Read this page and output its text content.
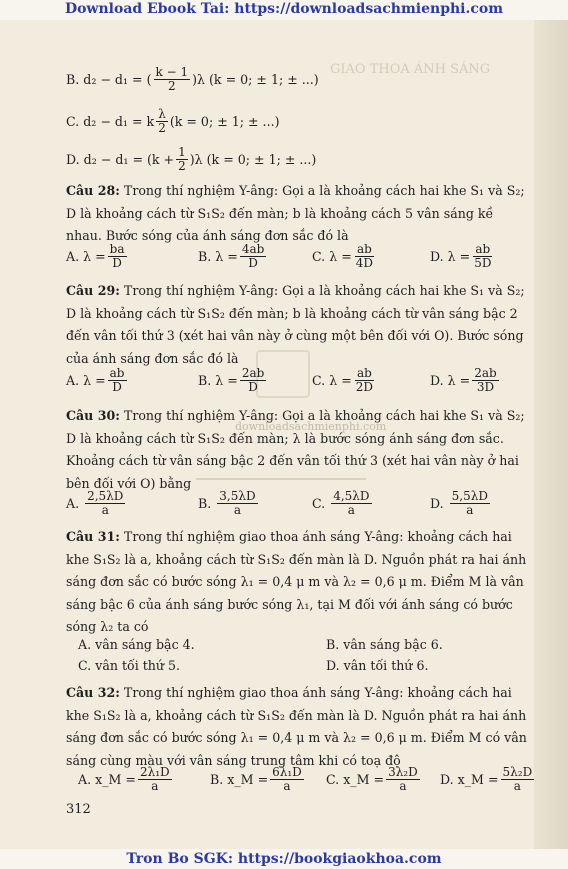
GIAO THOA ÁNH SÁNG
Download Ebook Tai: https://downloadsachmienphi.com
B. d₂ − d₁ = ( $\frac{k - 1}{2} )\lambda$ (k = 0; ± 1; ± ...)
C. d₂ − d₁ = k $\frac{\lambda}{2} (k = 0$; ± 1; ± ...)
D. $d_2 - d_1 = (k + \frac{1}{2} )\lambda$ (k = 0; ± 1; ± ...)
Câu 28: Trong thí nghiệm Y-âng: Gọi a là khoảng cách hai khe S₁ và S₂; D là khoảng cách từ S₁S₂ đến màn; b là khoảng cách 5 vân sáng kề nhau. Bước sóng của ánh sáng đơn sắc đó là
A. $\lambda = \frac{ba}{D}$	B. $\lambda = \frac{4ab}{D}$	C. $\lambda = \frac{ab}{4D}$	D. $\lambda = \frac{ab}{5D}$
Câu 29: Trong thí nghiệm Y-âng: Gọi a là khoảng cách hai khe S₁ và S₂; D là khoảng cách từ S₁S₂ đến màn; b là khoảng cách từ vân sáng bậc 2 đến vân tối thứ 3 (xét hai vân này ở cùng một bên đối với O). Bước sóng của ánh sáng đơn sắc đó là
A. $\lambda = \frac{ab}{D}$	B. $\lambda = \frac{2ab}{D}$	C. $\lambda = \frac{ab}{2D}$	D. $\lambda = \frac{2ab}{3D}$
Câu 30: Trong thí nghiệm Y-âng: Gọi a là khoảng cách hai khe S₁ và S₂; D là khoảng cách từ S₁S₂ đến màn; λ là bước sóng ánh sáng đơn sắc. Khoảng cách từ vân sáng bậc 2 đến vân tối thứ 3 (xét hai vân này ở hai bên đối với O) bằng
downloadsachmienphi.com
A. $\frac{2,5\lambda D}{a}$	B. $\frac{3,5\lambda D}{a}$	C. $\frac{4,5\lambda D}{a}$	D. $\frac{5,5\lambda D}{a}$
Câu 31: Trong thí nghiệm giao thoa ánh sáng Y-âng: khoảng cách hai khe S₁S₂ là a, khoảng cách từ S₁S₂ đến màn là D. Nguồn phát ra hai ánh sáng đơn sắc có bước sóng λ₁ = 0,4 μ m và λ₂ = 0,6 μ m. Điểm M là vân sáng bậc 6 của ánh sáng bước sóng λ₁, tại M đối với ánh sáng có bước sóng λ₂ ta có
A. vân sáng bậc 4.	B. vân sáng bậc 6.
C. vân tối thứ 5.	D. vân tối thứ 6.
Câu 32: Trong thí nghiệm giao thoa ánh sáng Y-âng: khoảng cách hai khe S₁S₂ là a, khoảng cách từ S₁S₂ đến màn là D. Nguồn phát ra hai ánh sáng đơn sắc có bước sóng λ₁ = 0,4 μ m và λ₂ = 0,6 μ m. Điểm M có vân sáng cùng màu với vân sáng trung tâm khi có toạ độ
A. x_M = $\frac{\text{2λ₁D}}{a}$	B. x_M = $\frac{\text{6λ₁D}}{a} C$. x_M = $\frac{\text{3λ₂D}}{a} D$. x_M = $\frac{\text{5λ₂D}}{a}$
312
Tron Bo SGK: https://bookgiaokhoa.com
